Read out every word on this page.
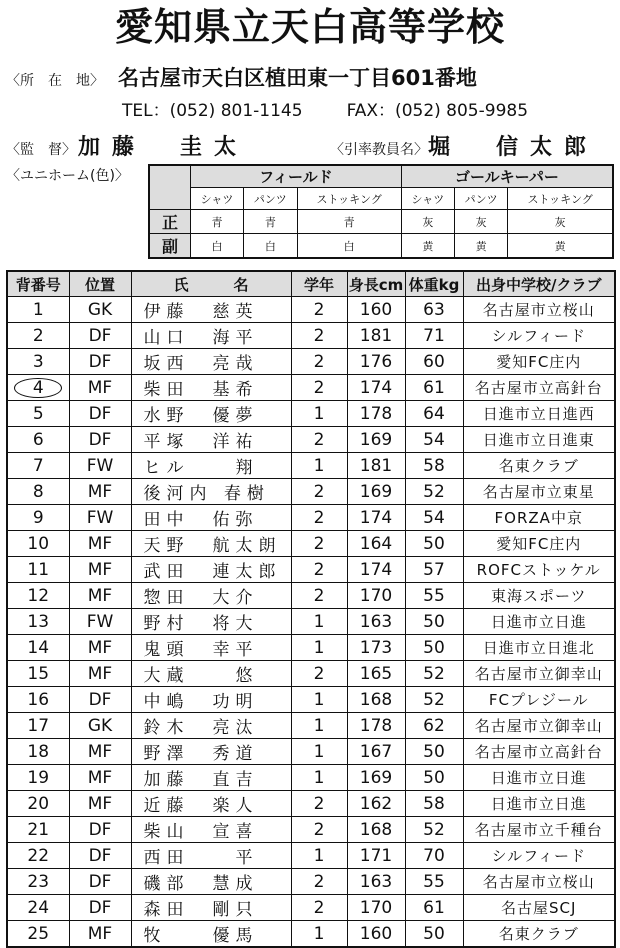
愛知県立天白高等学校
〈所　在　地〉 名古屋市天白区植田東一丁目601番地
TEL：(052) 801-1145	FAX：(052) 805-9985
〈監　督〉加藤　圭太	〈引率教員名〉堀　信太郎
〈ユニホーム(色)〉
		フィールド			ゴールキーパー		
	シャツ	パンツ	ストッキング	シャツ	パンツ	ストッキング
正	青	青	青	灰	灰	灰
副	白	白	白	黄	黄	黄
背番号	位置	氏　　　名	学年	身長cm	体重kg	出身中学校/クラブ
1	GK	伊藤　慈英	2	160	63	名古屋市立桜山
2	DF	山口　海平	2	181	71	シルフィード
3	DF	坂西　亮哉	2	176	60	愛知FC庄内
4	MF	柴田　基希	2	174	61	名古屋市立高針台
5	DF	水野　優夢	1	178	64	日進市立日進西
6	DF	平塚　洋祐	2	169	54	日進市立日進東
7	FW	ヒル　　翔	1	181	58	名東クラブ
8	MF	後河内 春樹	2	169	52	名古屋市立東星
9	FW	田中　佑弥	2	174	54	FORZA中京
10	MF	天野　航太朗	2	164	50	愛知FC庄内
11	MF	武田　連太郎	2	174	57	ROFCストッケル
12	MF	惣田　大介	2	170	55	東海スポーツ
13	FW	野村　将大	1	163	50	日進市立日進
14	MF	鬼頭　幸平	1	173	50	日進市立日進北
15	MF	大蔵　　悠	2	165	52	名古屋市立御幸山
16	DF	中嶋　功明	1	168	52	FCプレジール
17	GK	鈴木　亮汰	1	178	62	名古屋市立御幸山
18	MF	野澤　秀道	1	167	50	名古屋市立高針台
19	MF	加藤　直吉	1	169	50	日進市立日進
20	MF	近藤　楽人	2	162	58	日進市立日進
21	DF	柴山　宣喜	2	168	52	名古屋市立千種台
22	DF	西田　　平	1	171	70	シルフィード
23	DF	磯部　慧成	2	163	55	名古屋市立桜山
24	DF	森田　剛只	2	170	61	名古屋SCJ
25	MF	牧　　優馬	1	160	50	名東クラブ
